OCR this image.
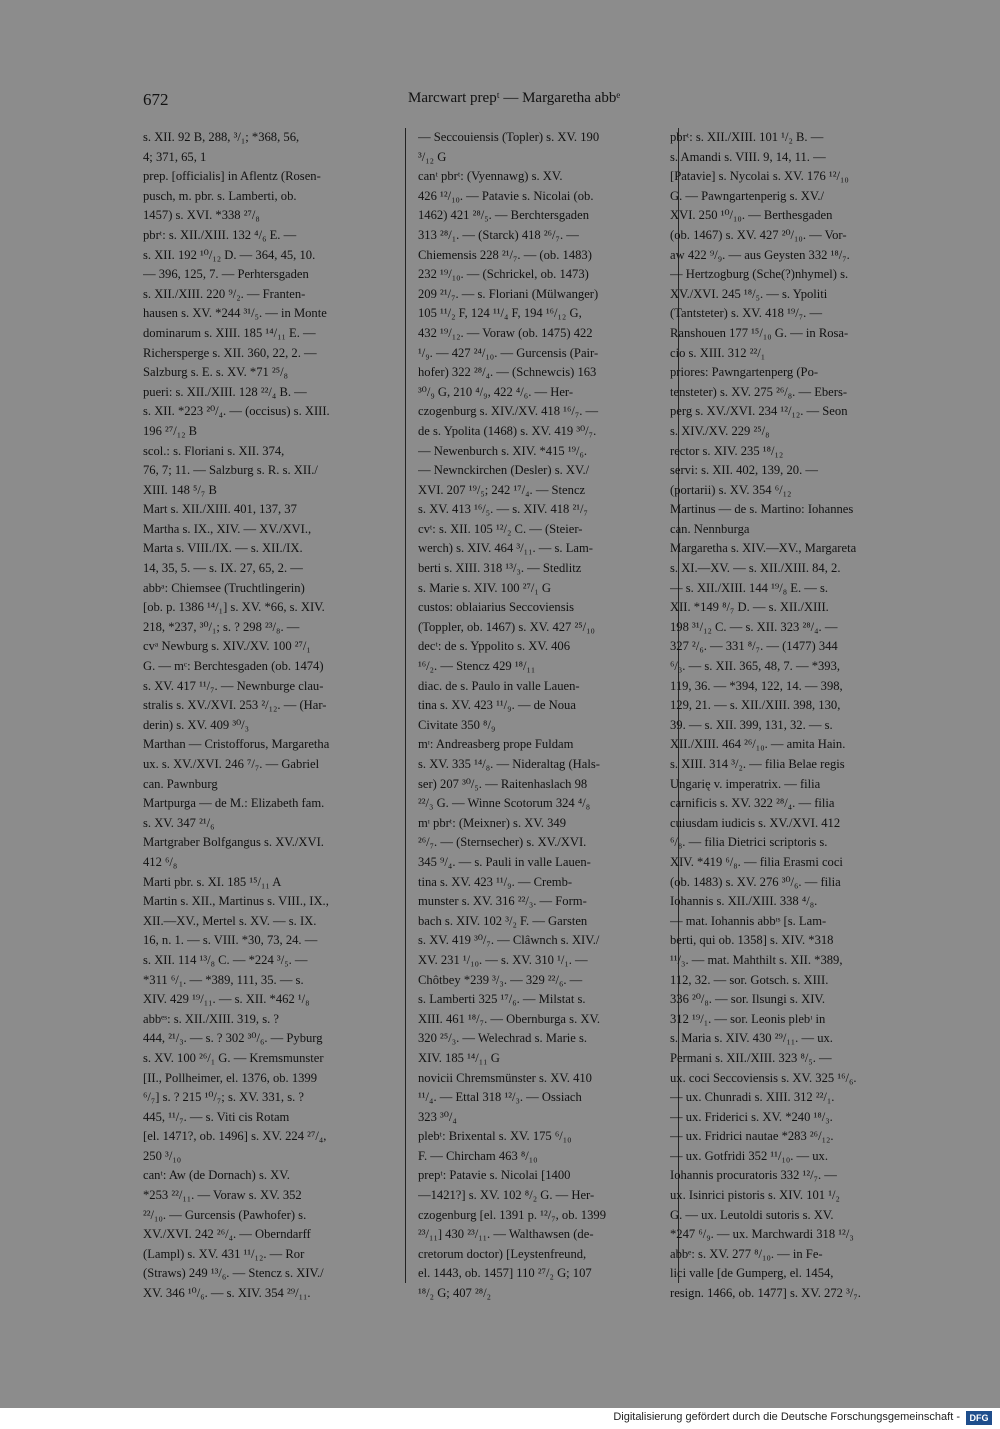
672	Marcwart prepᵗ — Margaretha abbᵉ
s. XII. 92 B, 288, ³/₁; *368, 56,
4; 371, 65, 1
prep. [officialis] in Aflentz (Rosen-
pusch, m. pbr. s. Lamberti, ob.
1457) s. XVI. *338 ²⁷/₈
pbrᵗ: s. XII./XIII. 132 ⁴/₆ E. —
s. XII. 192 ¹⁰/₁₂ D. — 364, 45, 10.
— 396, 125, 7. — Perhtersgaden
s. XII./XIII. 220 ⁹/₂. — Franten-
hausen s. XV. *244 ³¹/₅. — in Monte
dominarum s. XIII. 185 ¹⁴/₁₁ E. —
Richersperge s. XII. 360, 22, 2. —
Salzburg s. E. s. XV. *71 ²⁵/₈
pueri: s. XII./XIII. 128 ²²/₄ B. —
s. XII. *223 ²⁰/₄. — (occisus) s. XIII.
196 ²⁷/₁₂ B
scol.: s. Floriani s. XII. 374,
76, 7; 11. — Salzburg s. R. s. XII./
XIII. 148 ⁵/₇ B
Mart s. XII./XIII. 401, 137, 37
Martha s. IX., XIV. — XV./XVI.,
Marta s. VIII./IX. — s. XII./IX.
14, 35, 5. — s. IX. 27, 65, 2. —
abbᵃ: Chiemsee (Truchtlingerin)
[ob. p. 1386 ¹⁴/₁] s. XV. *66, s. XIV.
218, *237, ³⁰/₁; s. ? 298 ²³/₈. —
cvᵃ Newburg s. XIV./XV. 100 ²⁷/₁
G. — mᶜ: Berchtesgaden (ob. 1474)
s. XV. 417 ¹¹/₇. — Newnburge clau-
stralis s. XV./XVI. 253 ²/₁₂. — (Har-
derin) s. XV. 409 ³⁰/₃
Marthan — Cristofforus, Margaretha
ux. s. XV./XVI. 246 ⁷/₇. — Gabriel
can. Pawnburg
Martpurga — de M.: Elizabeth fam.
s. XV. 347 ²¹/₆
Martgraber Bolfgangus s. XV./XVI.
412 ⁶/₈
Marti pbr. s. XI. 185 ¹⁵/₁₁ A
Martin s. XII., Martinus s. VIII., IX.,
XII.—XV., Mertel s. XV. — s. IX.
16, n. 1. — s. VIII. *30, 73, 24. —
s. XII. 114 ¹³/₈ C. — *224 ³/₅. —
*311 ⁶/₁. — *389, 111, 35. — s.
XIV. 429 ¹⁹/₁₁. — s. XII. *462 ¹/₈
abbᵉˢ: s. XII./XIII. 319, s. ?
444, ²¹/₃. — s. ? 302 ³⁰/₆. — Pyburg
s. XV. 100 ²⁶/₁ G. — Kremsmunster
[II., Pollheimer, el. 1376, ob. 1399
⁶/₇] s. ? 215 ¹⁰/₇; s. XV. 331, s. ?
445, ¹¹/₇. — s. Viti cis Rotam
[el. 1471?, ob. 1496] s. XV. 224 ²⁷/₄,
250 ³/₁₀
canᵗ: Aw (de Dornach) s. XV.
*253 ²²/₁₁. — Voraw s. XV. 352
²²/₁₀. — Gurcensis (Pawhofer) s.
XV./XVI. 242 ²⁶/₄. — Oberndarff
(Lampl) s. XV. 431 ¹¹/₁₂. — Ror
(Straws) 249 ¹³/₆. — Stencz s. XIV./
XV. 346 ¹⁰/₆. — s. XIV. 354 ²⁹/₁₁.
— Seccouiensis (Topler) s. XV. 190
³/₁₂ G
canᵗ pbrᵗ: (Vyennawg) s. XV.
426 ¹²/₁₀. — Patavie s. Nicolai (ob.
1462) 421 ²⁸/₅. — Berchtersgaden
313 ²⁸/₁. — (Starck) 418 ²⁶/₇. —
Chiemensis 228 ²¹/₇. — (ob. 1483)
232 ¹⁹/₁₀. — (Schrickel, ob. 1473)
209 ²¹/₇. — s. Floriani (Mülwanger)
105 ¹¹/₂ F, 124 ¹¹/₄ F, 194 ¹⁶/₁₂ G,
432 ¹⁹/₁₂. — Voraw (ob. 1475) 422
¹/₉. — 427 ²⁴/₁₀. — Gurcensis (Pair-
hofer) 322 ²⁸/₄. — (Schnewcis) 163
³⁰/₉ G, 210 ⁴/₉, 422 ⁴/₆. — Her-
czogenburg s. XIV./XV. 418 ¹⁶/₇. —
de s. Ypolita (1468) s. XV. 419 ³⁰/₇.
— Newenburch s. XIV. *415 ¹⁹/₆.
— Newnckirchen (Desler) s. XV./
XVI. 207 ¹⁹/₅; 242 ¹⁷/₄. — Stencz
s. XV. 413 ¹⁶/₅. — s. XIV. 418 ²¹/₇
cvᵗ: s. XII. 105 ¹²/₂ C. — (Steier-
werch) s. XIV. 464 ³/₁₁. — s. Lam-
berti s. XIII. 318 ¹³/₃. — Stedlitz
s. Marie s. XIV. 100 ²⁷/₁ G
custos: oblaiarius Seccoviensis
(Toppler, ob. 1467) s. XV. 427 ²⁵/₁₀
decᵗ: de s. Yppolito s. XV. 406
¹⁶/₂. — Stencz 429 ¹⁸/₁₁
diac. de s. Paulo in valle Lauen-
tina s. XV. 423 ¹¹/₉. — de Noua
Civitate 350 ⁸/₉
mᶦ: Andreasberg prope Fuldam
s. XV. 335 ¹⁴/₈. — Nideraltag (Hals-
ser) 207 ³⁰/₅. — Raitenhaslach 98
²²/₃ G. — Winne Scotorum 324 ⁴/₈
mᶦ pbrᵗ: (Meixner) s. XV. 349
²⁶/₇. — (Sternsecher) s. XV./XVI.
345 ⁹/₄. — s. Pauli in valle Lauen-
tina s. XV. 423 ¹¹/₉. — Cremb-
munster s. XV. 316 ²²/₃. — Form-
bach s. XIV. 102 ³/₂ F. — Garsten
s. XV. 419 ³⁰/₇. — Clâwnch s. XIV./
XV. 231 ¹/₁₀. — s. XV. 310 ¹/₁. —
Chôtbey *239 ³/₃. — 329 ²²/₆. —
s. Lamberti 325 ¹⁷/₆. — Milstat s.
XIII. 461 ¹⁸/₇. — Obernburga s. XV.
320 ²⁵/₃. — Welechrad s. Marie s.
XIV. 185 ¹⁴/₁₁ G
novicii Chremsmünster s. XV. 410
¹¹/₄. — Ettal 318 ¹²/₃. — Ossiach
323 ³⁰/₄
plebᵗ: Brixental s. XV. 175 ⁶/₁₀
F. — Chircham 463 ⁸/₁₀
prepᵗ: Patavie s. Nicolai [1400
—1421?] s. XV. 102 ⁸/₂ G. — Her-
czogenburg [el. 1391 p. ¹²/₇, ob. 1399
²³/₁₁] 430 ²³/₁₁. — Walthawsen (de-
cretorum doctor) [Leystenfreund,
el. 1443, ob. 1457] 110 ²⁷/₂ G; 107
¹⁸/₂ G; 407 ²⁸/₂
pbrᵗ: s. XII./XIII. 101 ¹/₂ B. —
s. Amandi s. VIII. 9, 14, 11. —
[Patavie] s. Nycolai s. XV. 176 ¹²/₁₀
G. — Pawngartenperig s. XV./
XVI. 250 ¹⁰/₁₀. — Berthesgaden
(ob. 1467) s. XV. 427 ²⁰/₁₀. — Vor-
aw 422 ⁹/₉. — aus Geysten 332 ¹⁸/₇.
— Hertzogburg (Sche(?)nhymel) s.
XV./XVI. 245 ¹⁸/₅. — s. Ypoliti
(Tantsteter) s. XV. 418 ¹⁹/₇. —
Ranshouen 177 ¹⁵/₁₀ G. — in Rosa-
cio s. XIII. 312 ²²/₁
priores: Pawngartenperg (Po-
tensteter) s. XV. 275 ²⁶/₈. — Ebers-
perg s. XV./XVI. 234 ¹²/₁₂. — Seon
s. XIV./XV. 229 ²⁵/₈
rector s. XIV. 235 ¹⁸/₁₂
servi: s. XII. 402, 139, 20. —
(portarii) s. XV. 354 ⁶/₁₂
Martinus — de s. Martino: Iohannes
can. Nennburga
Margaretha s. XIV.—XV., Margareta
s. XI.—XV. — s. XII./XIII. 84, 2.
— s. XII./XIII. 144 ¹⁹/₈ E. — s.
XII. *149 ⁸/₇ D. — s. XII./XIII.
198 ³¹/₁₂ C. — s. XII. 323 ²⁸/₄. —
327 ²/₆. — 331 ⁸/₇. — (1477) 344
⁶/₃. — s. XII. 365, 48, 7. — *393,
119, 36. — *394, 122, 14. — 398,
129, 21. — s. XII./XIII. 398, 130,
39. — s. XII. 399, 131, 32. — s.
XII./XIII. 464 ²⁶/₁₀. — amita Hain.
s. XIII. 314 ³/₂. — filia Belae regis
Ungarię v. imperatrix. — filia
carnificis s. XV. 322 ²⁸/₄. — filia
cuiusdam iudicis s. XV./XVI. 412
⁶/₈. — filia Dietrici scriptoris s.
XIV. *419 ⁶/₈. — filia Erasmi coci
(ob. 1483) s. XV. 276 ³⁰/₆. — filia
Iohannis s. XII./XIII. 338 ⁴/₈.
— mat. Iohannis abbᶦˢ [s. Lam-
berti, qui ob. 1358] s. XIV. *318
¹¹/₃. — mat. Mahthilt s. XII. *389,
112, 32. — sor. Gotsch. s. XIII.
336 ²⁰/₈. — sor. Ilsungi s. XIV.
312 ¹⁹/₁. — sor. Leonis plebᶦ in
s. Maria s. XIV. 430 ²⁹/₁₁. — ux.
Permani s. XII./XIII. 323 ⁸/₅. —
ux. coci Seccoviensis s. XV. 325 ¹⁶/₆.
— ux. Chunradi s. XIII. 312 ²²/₁.
— ux. Friderici s. XV. *240 ¹⁸/₃.
— ux. Fridrici nautae *283 ²⁶/₁₂.
— ux. Gotfridi 352 ¹¹/₁₀. — ux.
Iohannis procuratoris 332 ¹²/₇. —
ux. Isinrici pistoris s. XIV. 101 ¹/₂
G. — ux. Leutoldi sutoris s. XV.
*247 ⁶/₉. — ux. Marchwardi 318 ¹²/₃
abbᵉ: s. XV. 277 ⁸/₁₀. — in Fe-
lici valle [de Gumperg, el. 1454,
resign. 1466, ob. 1477] s. XV. 272 ³/₇.
Digitalisierung gefördert durch die Deutsche Forschungsgemeinschaft -	DFG
